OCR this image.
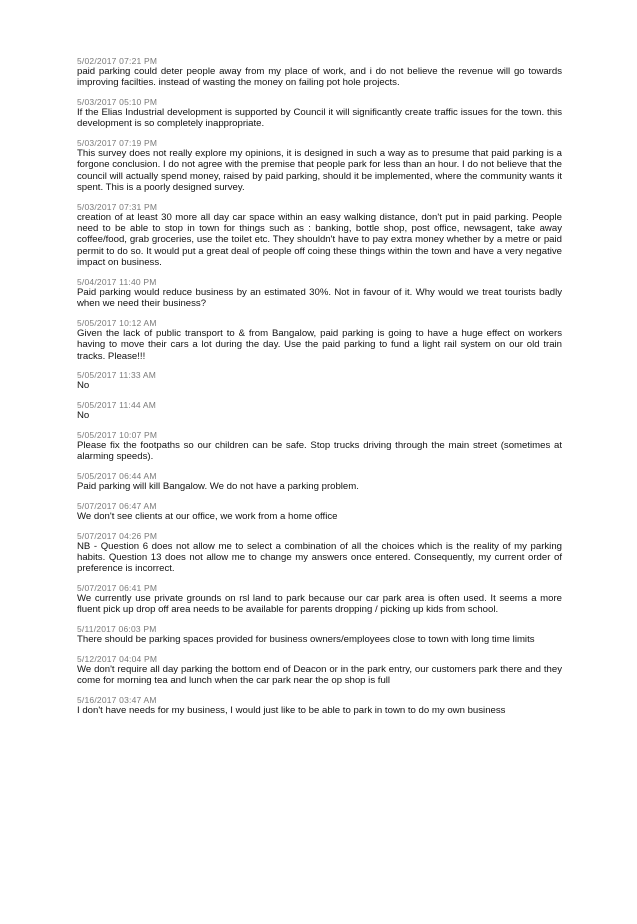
5/02/2017 07:21 PM
paid parking could deter people away from my place of work, and i do not believe the revenue will go towards improving facilties. instead of wasting the money on failing pot hole projects.
5/03/2017 05:10 PM
If the Elias Industrial development is supported by Council it will significantly create traffic issues for the town. this development is so completely inappropriate.
5/03/2017 07:19 PM
This survey does not really explore my opinions, it is designed in such a way as to presume that paid parking is a forgone conclusion. I do not agree with the premise that people park for less than an hour. I do not believe that the council will actually spend money, raised by paid parking, should it be implemented, where the community wants it spent. This is a poorly designed survey.
5/03/2017 07:31 PM
creation of at least 30 more all day car space within an easy walking distance, don't put in paid parking. People need to be able to stop in town for things such as : banking, bottle shop, post office, newsagent, take away coffee/food, grab groceries, use the toilet etc. They shouldn't have to pay extra money whether by a metre or paid permit to do so. It would put a great deal of people off coing these things within the town and have a very negative impact on business.
5/04/2017 11:40 PM
Paid parking would reduce business by an estimated 30%. Not in favour of it. Why would we treat tourists badly when we need their business?
5/05/2017 10:12 AM
Given the lack of public transport to & from Bangalow, paid parking is going to have a huge effect on workers having to move their cars a lot during the day. Use the paid parking to fund a light rail system on our old train tracks. Please!!!
5/05/2017 11:33 AM
No
5/05/2017 11:44 AM
No
5/05/2017 10:07 PM
Please fix the footpaths so our children can be safe. Stop trucks driving through the main street (sometimes at alarming speeds).
5/05/2017 06:44 AM
Paid parking will kill Bangalow. We do not have a parking problem.
5/07/2017 06:47 AM
We don't see clients at our office, we work from a home office
5/07/2017 04:26 PM
NB - Question 6 does not allow me to select a combination of all the choices which is the reality of my parking habits. Question 13 does not allow me to change my answers once entered. Consequently, my current order of preference is incorrect.
5/07/2017 06:41 PM
We currently use private grounds on rsl land to park because our car park area is often used. It seems a more fluent pick up drop off area needs to be available for parents dropping / picking up kids from school.
5/11/2017 06:03 PM
There should be parking spaces provided for business owners/employees close to town with long time limits
5/12/2017 04:04 PM
We don't require all day parking the bottom end of Deacon or in the park entry, our customers park there and they come for morning tea and lunch when the car park near the op shop is full
5/16/2017 03:47 AM
I don't have needs for my business, I would just like to be able to park in town to do my own business
